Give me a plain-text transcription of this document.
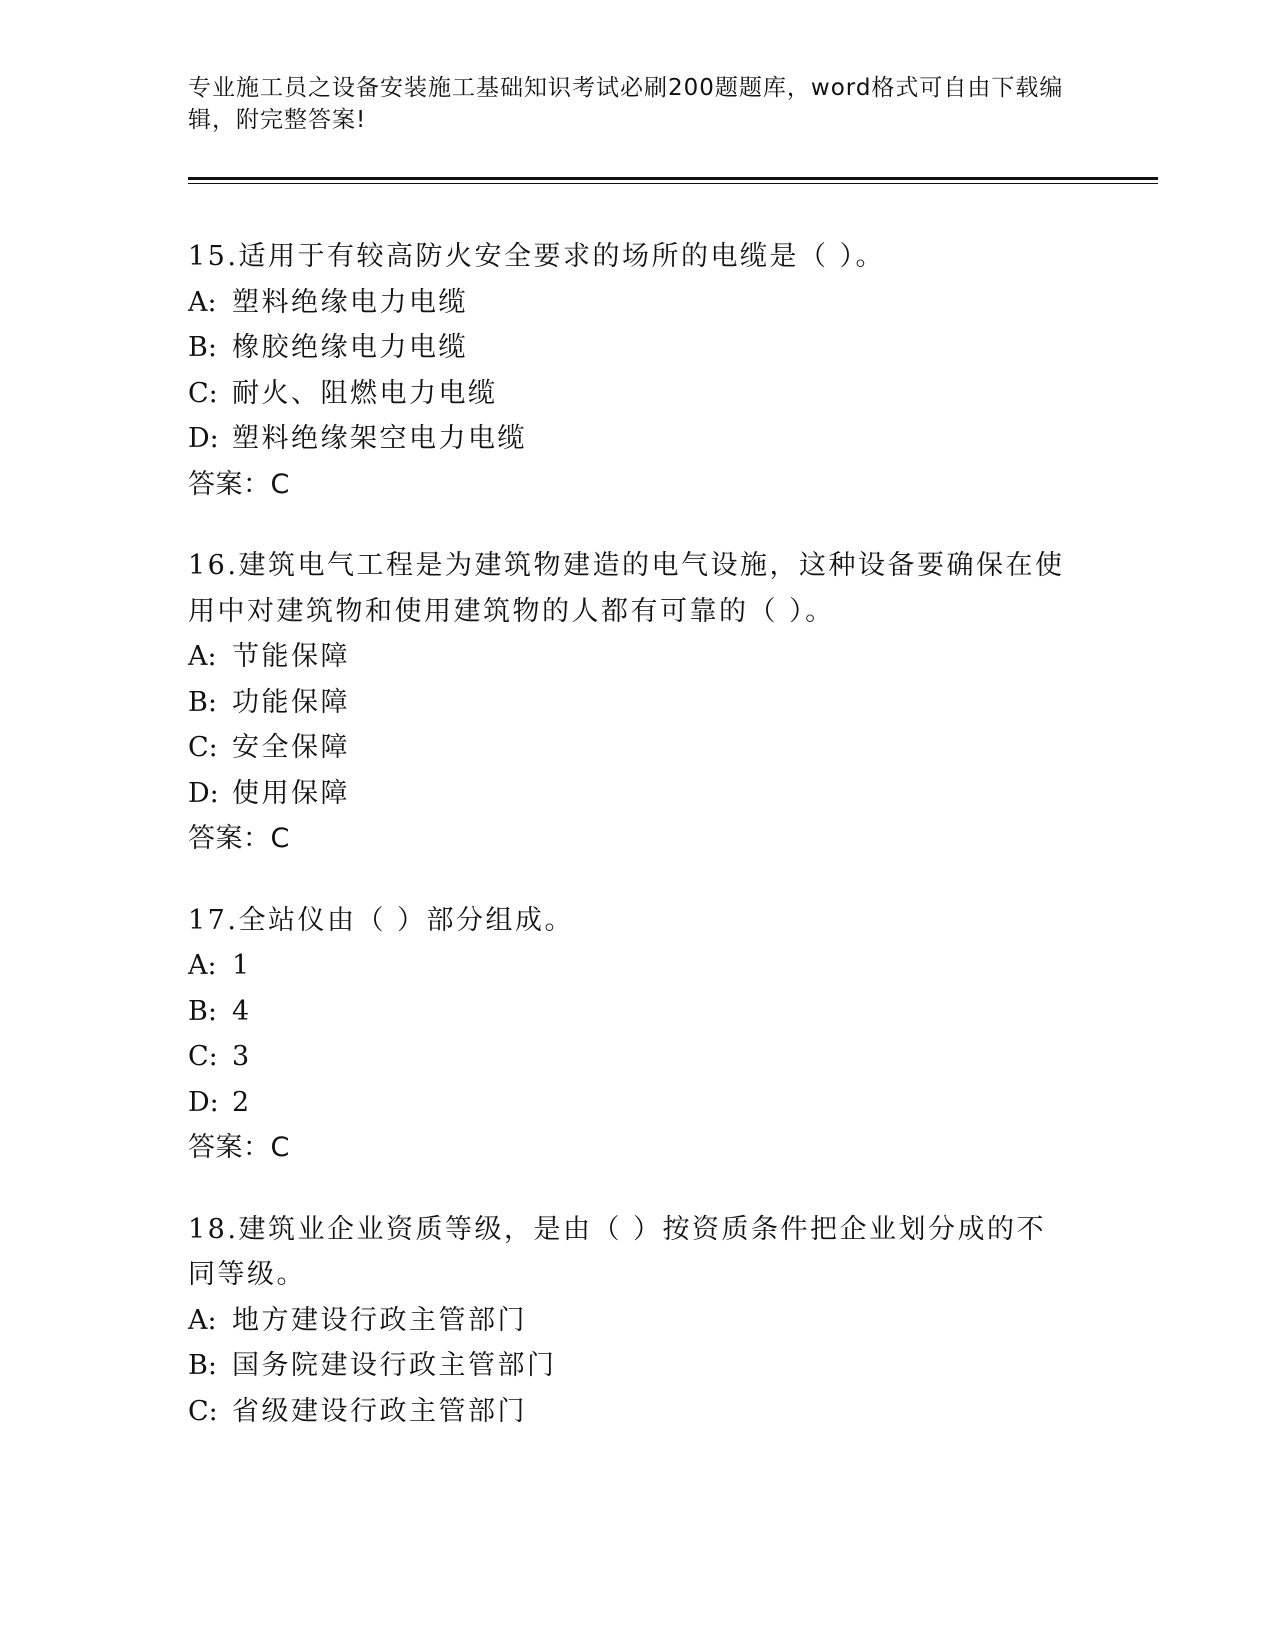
专业施工员之设备安装施工基础知识考试必刷200题题库，word格式可自由下载编辑，附完整答案!
15.适用于有较高防火安全要求的场所的电缆是（ ）。
A: 塑料绝缘电力电缆
B: 橡胶绝缘电力电缆
C: 耐火、阻燃电力电缆
D: 塑料绝缘架空电力电缆
答案：C
16.建筑电气工程是为建筑物建造的电气设施，这种设备要确保在使用中对建筑物和使用建筑物的人都有可靠的（ ）。
A: 节能保障
B: 功能保障
C: 安全保障
D: 使用保障
答案：C
17.全站仪由（ ）部分组成。
A: 1
B: 4
C: 3
D: 2
答案：C
18.建筑业企业资质等级，是由（ ）按资质条件把企业划分成的不同等级。
A: 地方建设行政主管部门
B: 国务院建设行政主管部门
C: 省级建设行政主管部门
